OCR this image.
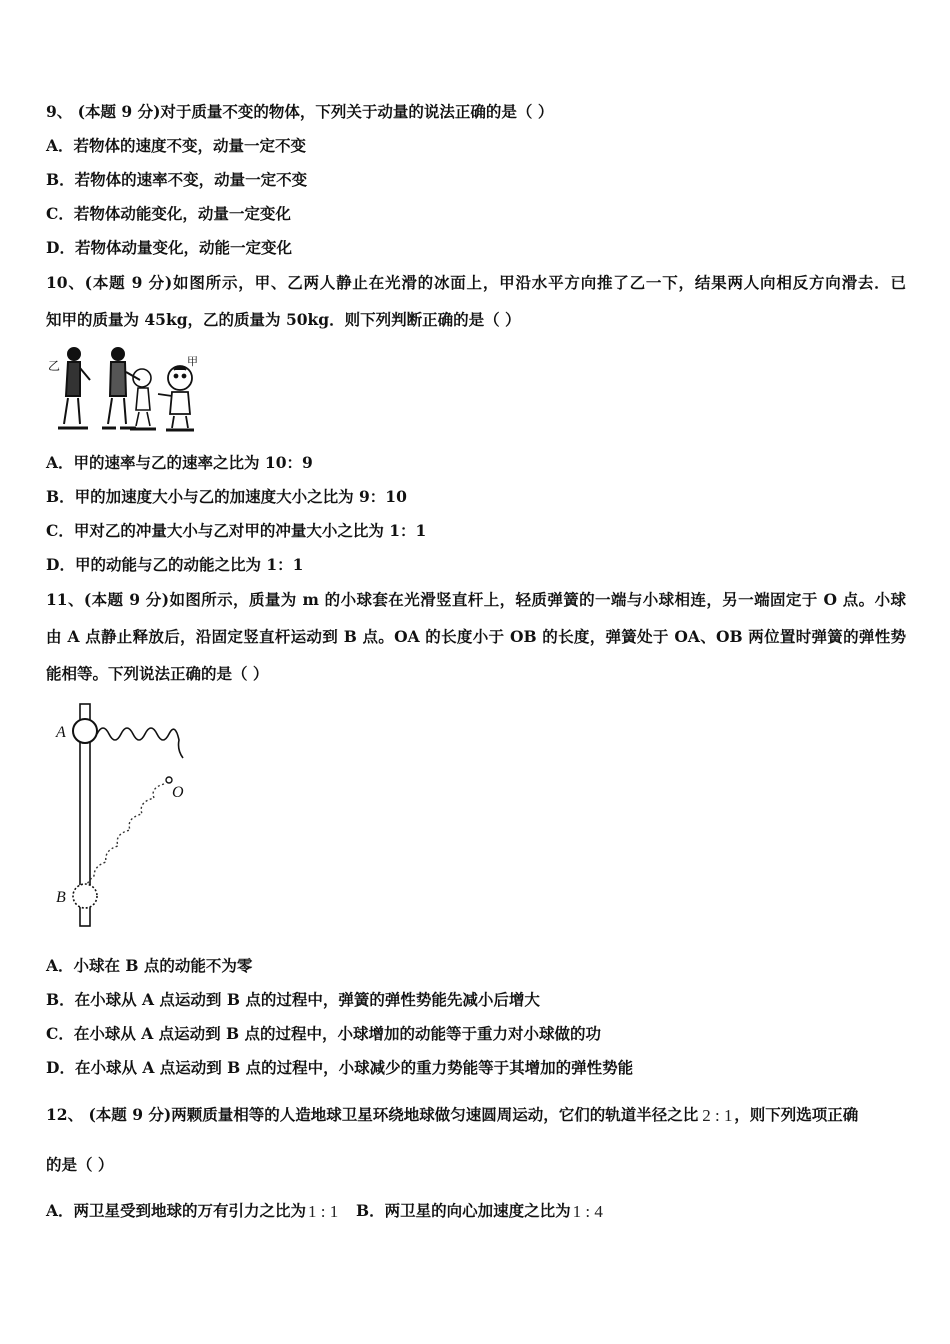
9、 (本题 9 分)对于质量不变的物体，下列关于动量的说法正确的是（ ）
A．若物体的速度不变，动量一定不变
B．若物体的速率不变，动量一定不变
C．若物体动能变化，动量一定变化
D．若物体动量变化，动能一定变化
10、(本题 9 分)如图所示，甲、乙两人静止在光滑的冰面上，甲沿水平方向推了乙一下，结果两人向相反方向滑去．已
知甲的质量为 45kg，乙的质量为 50kg．则下列判断正确的是（ ）
乙	甲
A．甲的速率与乙的速率之比为 10：9
B．甲的加速度大小与乙的加速度大小之比为 9：10
C．甲对乙的冲量大小与乙对甲的冲量大小之比为 1：1
D．甲的动能与乙的动能之比为 1：1
11、(本题 9 分)如图所示，质量为 m 的小球套在光滑竖直杆上，轻质弹簧的一端与小球相连，另一端固定于 O 点。小球
由 A 点静止释放后，沿固定竖直杆运动到 B 点。OA 的长度小于 OB 的长度，弹簧处于 OA、OB 两位置时弹簧的弹性势
能相等。下列说法正确的是（ ）
A
O
B
A．小球在 B 点的动能不为零
B．在小球从 A 点运动到 B 点的过程中，弹簧的弹性势能先减小后增大
C．在小球从 A 点运动到 B 点的过程中，小球增加的动能等于重力对小球做的功
D．在小球从 A 点运动到 B 点的过程中，小球减少的重力势能等于其增加的弹性势能
12、 (本题 9 分)两颗质量相等的人造地球卫星环绕地球做匀速圆周运动，它们的轨道半径之比 2 : 1 ，则下列选项正确
的是（ ）
A．两卫星受到地球的万有引力之比为 1 : 1 B．两卫星的向心加速度之比为 1 : 4
